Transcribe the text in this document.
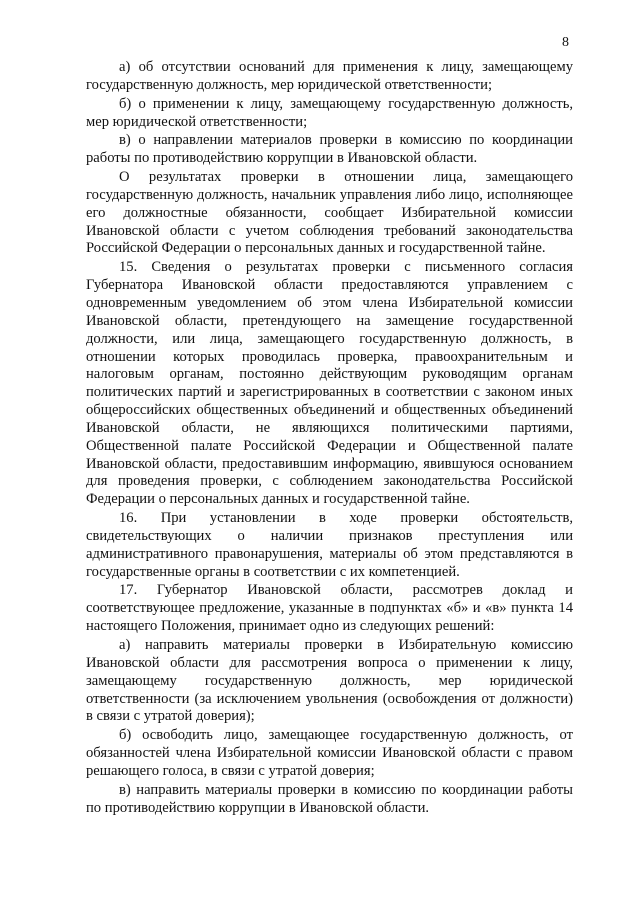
8

а) об отсутствии оснований для применения к лицу, замещающему государственную должность, мер юридической ответственности;

б) о применении к лицу, замещающему государственную должность, мер юридической ответственности;

в) о направлении материалов проверки в комиссию по координации работы по противодействию коррупции в Ивановской области.

О результатах проверки в отношении лица, замещающего государственную должность, начальник управления либо лицо, исполняющее его должностные обязанности, сообщает Избирательной комиссии Ивановской области с учетом соблюдения требований законодательства Российской Федерации о персональных данных и государственной тайне.

15. Сведения о результатах проверки с письменного согласия Губернатора Ивановской области предоставляются управлением с одновременным уведомлением об этом члена Избирательной комиссии Ивановской области, претендующего на замещение государственной должности, или лица, замещающего государственную должность, в отношении которых проводилась проверка, правоохранительным и налоговым органам, постоянно действующим руководящим органам политических партий и зарегистрированных в соответствии с законом иных общероссийских общественных объединений и общественных объединений Ивановской области, не являющихся политическими партиями, Общественной палате Российской Федерации и Общественной палате Ивановской области, предоставившим информацию, явившуюся основанием для проведения проверки, с соблюдением законодательства Российской Федерации о персональных данных и государственной тайне.

16. При установлении в ходе проверки обстоятельств, свидетельствующих о наличии признаков преступления или административного правонарушения, материалы об этом представляются в государственные органы в соответствии с их компетенцией.

17. Губернатор Ивановской области, рассмотрев доклад и соответствующее предложение, указанные в подпунктах «б» и «в» пункта 14 настоящего Положения, принимает одно из следующих решений:

а) направить материалы проверки в Избирательную комиссию Ивановской области для рассмотрения вопроса о применении к лицу, замещающему государственную должность, мер юридической ответственности (за исключением увольнения (освобождения от должности) в связи с утратой доверия);

б) освободить лицо, замещающее государственную должность, от обязанностей члена Избирательной комиссии Ивановской области с правом решающего голоса, в связи с утратой доверия;

в) направить материалы проверки в комиссию по координации работы по противодействию коррупции в Ивановской области.
